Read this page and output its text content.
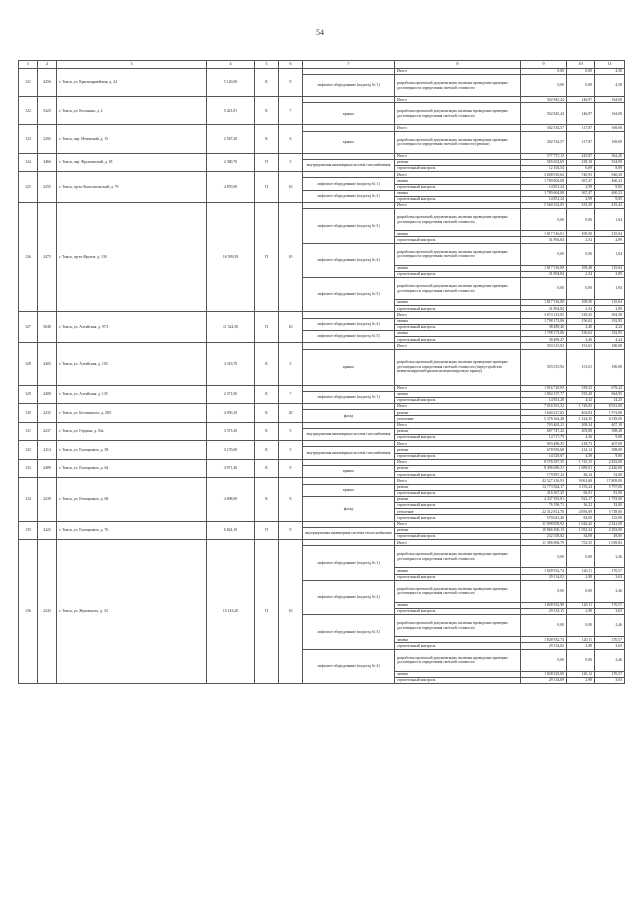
54
1	2	3	4	5	6	7	8	9	10	11
121	4256	г. Томск, ул. Красноармейская, д. 24	5 120,00	К	9		Итого	0,00	0,00	4,30
						лифтовое оборудование (подъезд № 1)	разработка проектной документации, включая проведение проверки достоверности определения сметной стоимости	0,00	0,00	4,30
122	5423	г. Томск, ул. Косонина, д. 2	5 421,81	К	7		Итого	502 845,44	146,97	164,00
						крыша	разработка проектной документации, включая проведение проверки достоверности определения сметной стоимости	502 845,44	146,97	164,00
123	2292	г. Томск, пер. Нечевский, д. 15	2 567,20	К	6		Итого	302 534,57	117,87	169,00
						крыша	разработка проектной документации, включая проведение проверки достоверности определения сметной стоимости (ремонт)	302 534,57	117,87	169,00
124	3466	г. Томск, пер. Фрунзенский, д. 38	2 380,70	П	5		Итого	577 757,13	245,87	362,20
						внутридомовая инженерная система газоснабжения	ремонт	565 652,65	239,18	354,09
							строительный контроль	12 104,54	6,69	8,09
125	2255	г. Томск, пр-кт Комсомольский, д. 79	4 870,00	П	10		Итого	3 608 910,64	740,93	940,29
						лифтовое оборудование (подъезд № 1)	замена	1 789 604,08	367,47	460,23
							строительный контроль	14 851,24	2,99	9,85
						лифтовое оборудование (подъезд № 2)	замена	1 789 604,08	367,47	460,23
							строительный контроль	14 851,24	2,99	9,85
126	2475	г. Томск, пр-кт Фрунзе, д. 130	16 599,59	П	10		Итого	5 560 232,05	335,50	419,42
						лифтовое оборудование (подъезд № 3)	разработка проектной документации, включая проведение проверки достоверности определения сметной стоимости	0,00	0,00	1,94
							замена	1 817 516,01	109,50	135,04
							строительный контроль	31 894,84	2,54	2,89
						лифтовое оборудование (подъезд № 4)	разработка проектной документации, включая проведение проверки достоверности определения сметной стоимости	0,00	0,00	1,94
							замена	1 817 516,00	109,48	135,04
							строительный контроль	31 894,84	2,34	2,89
						лифтовое оборудование (подъезд № 5)	разработка проектной документации, включая проведение проверки достоверности определения сметной стоимости	0,00	0,00	1,94
							замена	1 817 516,00	109,50	135,04
							строительный контроль	31 894,84	2,34	2,89
127	3048	г. Томск, ул. Алтайская, д. 97/1	11 524,30	П	10		Итого	3 674 123,05	318,45	394,58
						лифтовое оборудование (подъезд № 4)	замена	1 798 173,06	156,02	192,95
							строительный контроль	38 489,46	3,40	4,24
						лифтовое оборудование (подъезд № 5)	замена	1 798 173,06	156,02	192,95
							строительный контроль	38 489,47	3,40	4,24
128	2403	г. Томск, ул. Алтайская, д. 105	3 319,70	К	5		Итого	503 315,92	151,61	180,00
						крыша	разработка проектной документации, включая проведение проверки достоверности определения сметной стоимости (переустройство невентилируемой крыши на вентилируемую крышу)	503 315,92	151,61	180,00
129	2408	г. Томск, ул. Алтайская, д. 135	2 371,00	К	7		Итого	1 816 729,05	539,52	679,22
						лифтовое оборудование (подъезд № 1)	замена	1 804 157,77	535,20	664,95
							строительный контроль	14 851,28	4,32	14,25
130	2235	г. Томск, ул. Бетчинского, д. 28/1	4 050,10	К	20		Итого	7 016 591,52	1 729,05	8 931,00
						фасад	ремонт	1 640 227,63	404,84	1 972,00
							утепление	5 376 364,48	1 324,35	6 529,00
131	2237	г. Томск, ул. Герцена, д. 54а	3 373,30	К	5		Итого	703 465,21	208,34	407,10
						внутридомовая инженерная система газоснабжения	ремонт	687 747,42	203,88	398,20
							строительный контроль	14 717,79	4,36	9,00
132	2414	г. Томск, ул. Елизаровых, д. 58	3 170,60	К	5		Итого	693 486,35	218,73	407,00
						внутридомовая инженерная система газоснабжения	ремонт	678 956,68	214,14	398,00
							строительный контроль	14 529,67	4,58	9,00
133	2489	г. Томск, ул. Елизаровых, д. 64	4 971,40	К	9		Итого	8 576 587,55	1 725,15	2 492,00
						крыша	ремонт	8 396 690,31	1 689,01	2 440,00
							строительный контроль	179 897,24	36,14	52,00
134	2239	г. Томск, ул. Елизаровых, д. 68	4 698,00	К	8		Итого	42 527 216,93	9 061,68	17 809,00
						крыша	ремонт	14 773 564,17	3 155,24	5 797,00
							строительный контроль	316 567,25	66,91	81,00
						фасад	ремонт	4 337 395,81	923,17	1 753,00
							строительный контроль	76 196,71	16,22	32,00
							утепление	22 312 812,70	4 856,09	5 738,00
							строительный контроль	570 643,40	84,00	125,00
135	2422	г. Томск, ул. Елизаровых, д. 76	6 824,10	П	9		Итого	11 098 858,92	1 626,42	2 341,00
						внутридомовая инженерная система теплоснабжения	ремонт	10 866 300,13	1 592,34	2 292,00
							строительный контроль	232 558,82	34,08	49,00
136	2243	г. Томск, ул. Жуковского, д. 33	15 143,20	П	10		Итого	11 386 906,79	752,55	1 039,83
						лифтовое оборудование (подъезд № 1)	разработка проектной документации, включая проведение проверки достоверности определения сметной стоимости	0,00	0,00	2,46
							замена	1 828 932,74	120,11	170,57
							строительный контроль	29 134,02	2,98	3,63
						лифтовое оборудование (подъезд № 2)	разработка проектной документации, включая проведение проверки достоверности определения сметной стоимости	0,00	0,00	2,46
							замена	1 828 932,90	120,11	170,57
							строительный контроль	29 133,15	2,98	3,63
						лифтовое оборудование (подъезд № 3)	разработка проектной документации, включая проведение проверки достоверности определения сметной стоимости	0,00	0,00	2,46
							замена	1 828 932,74	120,11	170,57
							строительный контроль	29 134,02	2,98	3,63
						лифтовое оборудование (подъезд № 4)	разработка проектной документации, включая проведение проверки достоверности определения сметной стоимости	0,00	0,00	2,46
							замена	1 828 525,00	120,12	170,57
							строительный контроль	29 134,69	2,98	3,63
